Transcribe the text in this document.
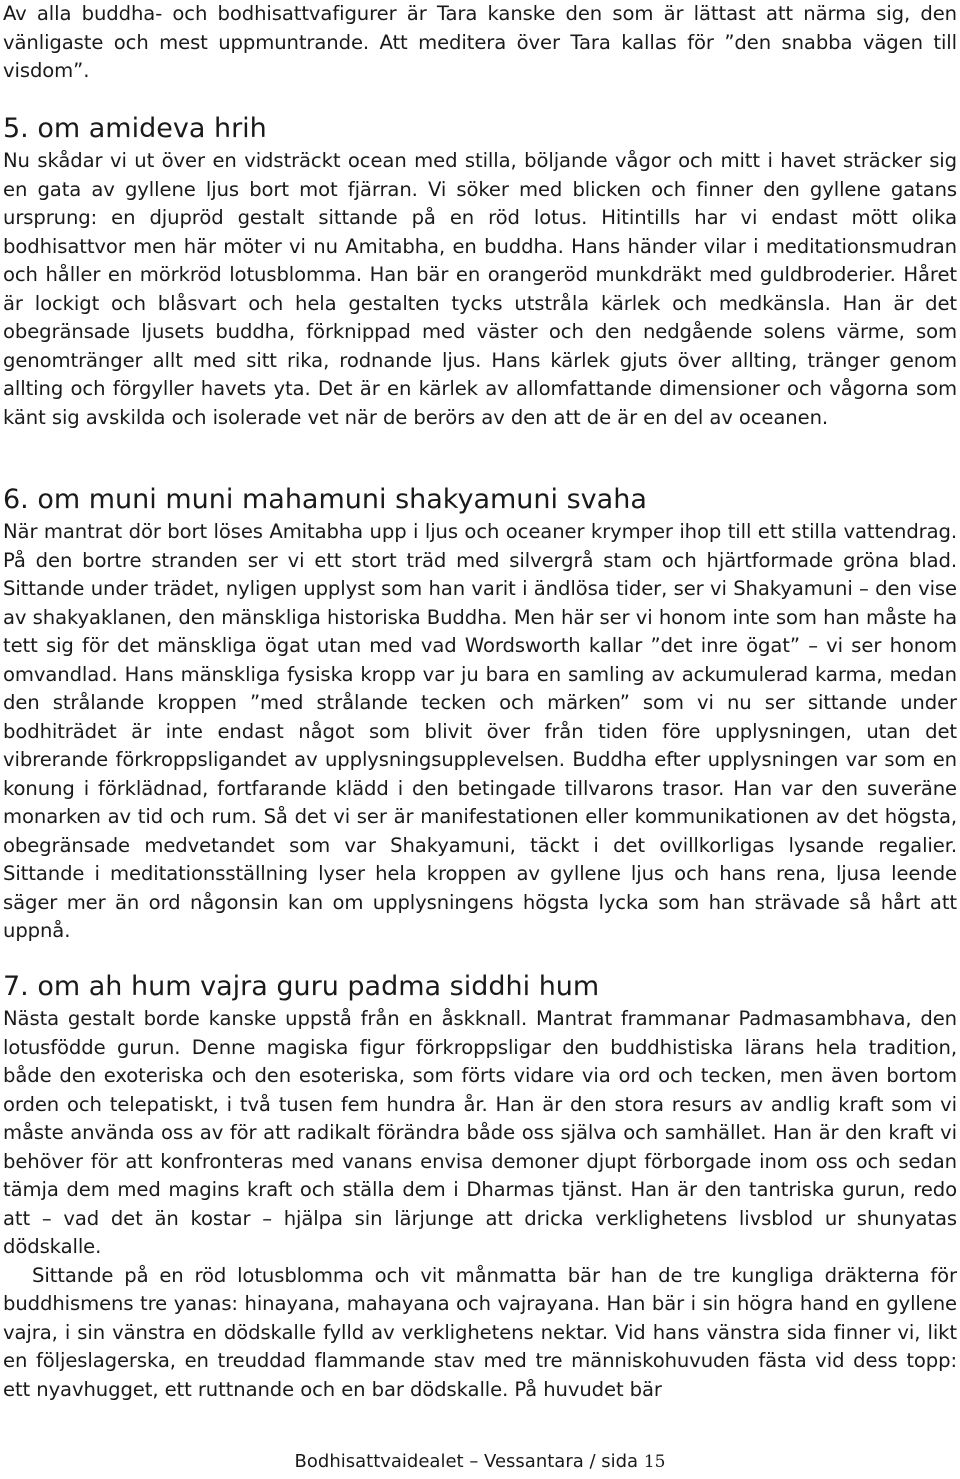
Av alla buddha- och bodhisattvafigurer är Tara kanske den som är lättast att närma sig, den vänligaste och mest uppmuntrande. Att meditera över Tara kallas för ”den snabba vägen till visdom”.

5. om amideva hrih

Nu skådar vi ut över en vidsträckt ocean med stilla, böljande vågor och mitt i havet sträcker sig en gata av gyllene ljus bort mot fjärran. Vi söker med blicken och finner den gyllene gatans ursprung: en djupröd gestalt sittande på en röd lotus. Hitintills har vi endast mött olika bodhisattvor men här möter vi nu Amitabha, en buddha. Hans händer vilar i meditationsmudran och håller en mörkröd lotusblomma. Han bär en orangeröd munkdräkt med guldbroderier. Håret är lockigt och blåsvart och hela gestalten tycks utstråla kärlek och medkänsla. Han är det obegränsade ljusets buddha, förknippad med väster och den nedgående solens värme, som genomtränger allt med sitt rika, rodnande ljus. Hans kärlek gjuts över allting, tränger genom allting och förgyller havets yta. Det är en kärlek av allomfattande dimensioner och vågorna som känt sig avskilda och isolerade vet när de berörs av den att de är en del av oceanen.

6. om muni muni mahamuni shakyamuni svaha

När mantrat dör bort löses Amitabha upp i ljus och oceaner krymper ihop till ett stilla vattendrag. På den bortre stranden ser vi ett stort träd med silvergrå stam och hjärtformade gröna blad. Sittande under trädet, nyligen upplyst som han varit i ändlösa tider, ser vi Shakyamuni – den vise av shakyaklanen, den mänskliga historiska Buddha. Men här ser vi honom inte som han måste ha tett sig för det mänskliga ögat utan med vad Wordsworth kallar ”det inre ögat” – vi ser honom omvandlad. Hans mänskliga fysiska kropp var ju bara en samling av ackumulerad karma, medan den strålande kroppen ”med strålande tecken och märken” som vi nu ser sittande under bodhiträdet är inte endast något som blivit över från tiden före upplysningen, utan det vibrerande förkroppsligandet av upplysningsupplevelsen. Buddha efter upplysningen var som en konung i förklädnad, fortfarande klädd i den betingade tillvarons trasor. Han var den suveräne monarken av tid och rum. Så det vi ser är manifestationen eller kommunikationen av det högsta, obegränsade medvetandet som var Shakyamuni, täckt i det ovillkorligas lysande regalier. Sittande i meditationsställning lyser hela kroppen av gyllene ljus och hans rena, ljusa leende säger mer än ord någonsin kan om upplysningens högsta lycka som han strävade så hårt att uppnå.

7. om ah hum vajra guru padma siddhi hum

Nästa gestalt borde kanske uppstå från en åskknall. Mantrat frammanar Padmasambhava, den lotusfödde gurun. Denne magiska figur förkroppsligar den buddhistiska lärans hela tradition, både den exoteriska och den esoteriska, som förts vidare via ord och tecken, men även bortom orden och telepatiskt, i två tusen fem hundra år. Han är den stora resurs av andlig kraft som vi måste använda oss av för att radikalt förändra både oss själva och samhället. Han är den kraft vi behöver för att konfronteras med vanans envisa demoner djupt förborgade inom oss och sedan tämja dem med magins kraft och ställa dem i Dharmas tjänst. Han är den tantriska gurun, redo att – vad det än kostar – hjälpa sin lärjunge att dricka verklighetens livsblod ur shunyatas dödskalle.

Sittande på en röd lotusblomma och vit månmatta bär han de tre kungliga dräkterna för buddhismens tre yanas: hinayana, mahayana och vajrayana. Han bär i sin högra hand en gyllene vajra, i sin vänstra en dödskalle fylld av verklighetens nektar. Vid hans vänstra sida finner vi, likt en följeslagerska, en treuddad flammande stav med tre människohuvuden fästa vid dess topp: ett nyavhugget, ett ruttnande och en bar dödskalle. På huvudet bär

Bodhisattvaidealet – Vessantara / sida 15
